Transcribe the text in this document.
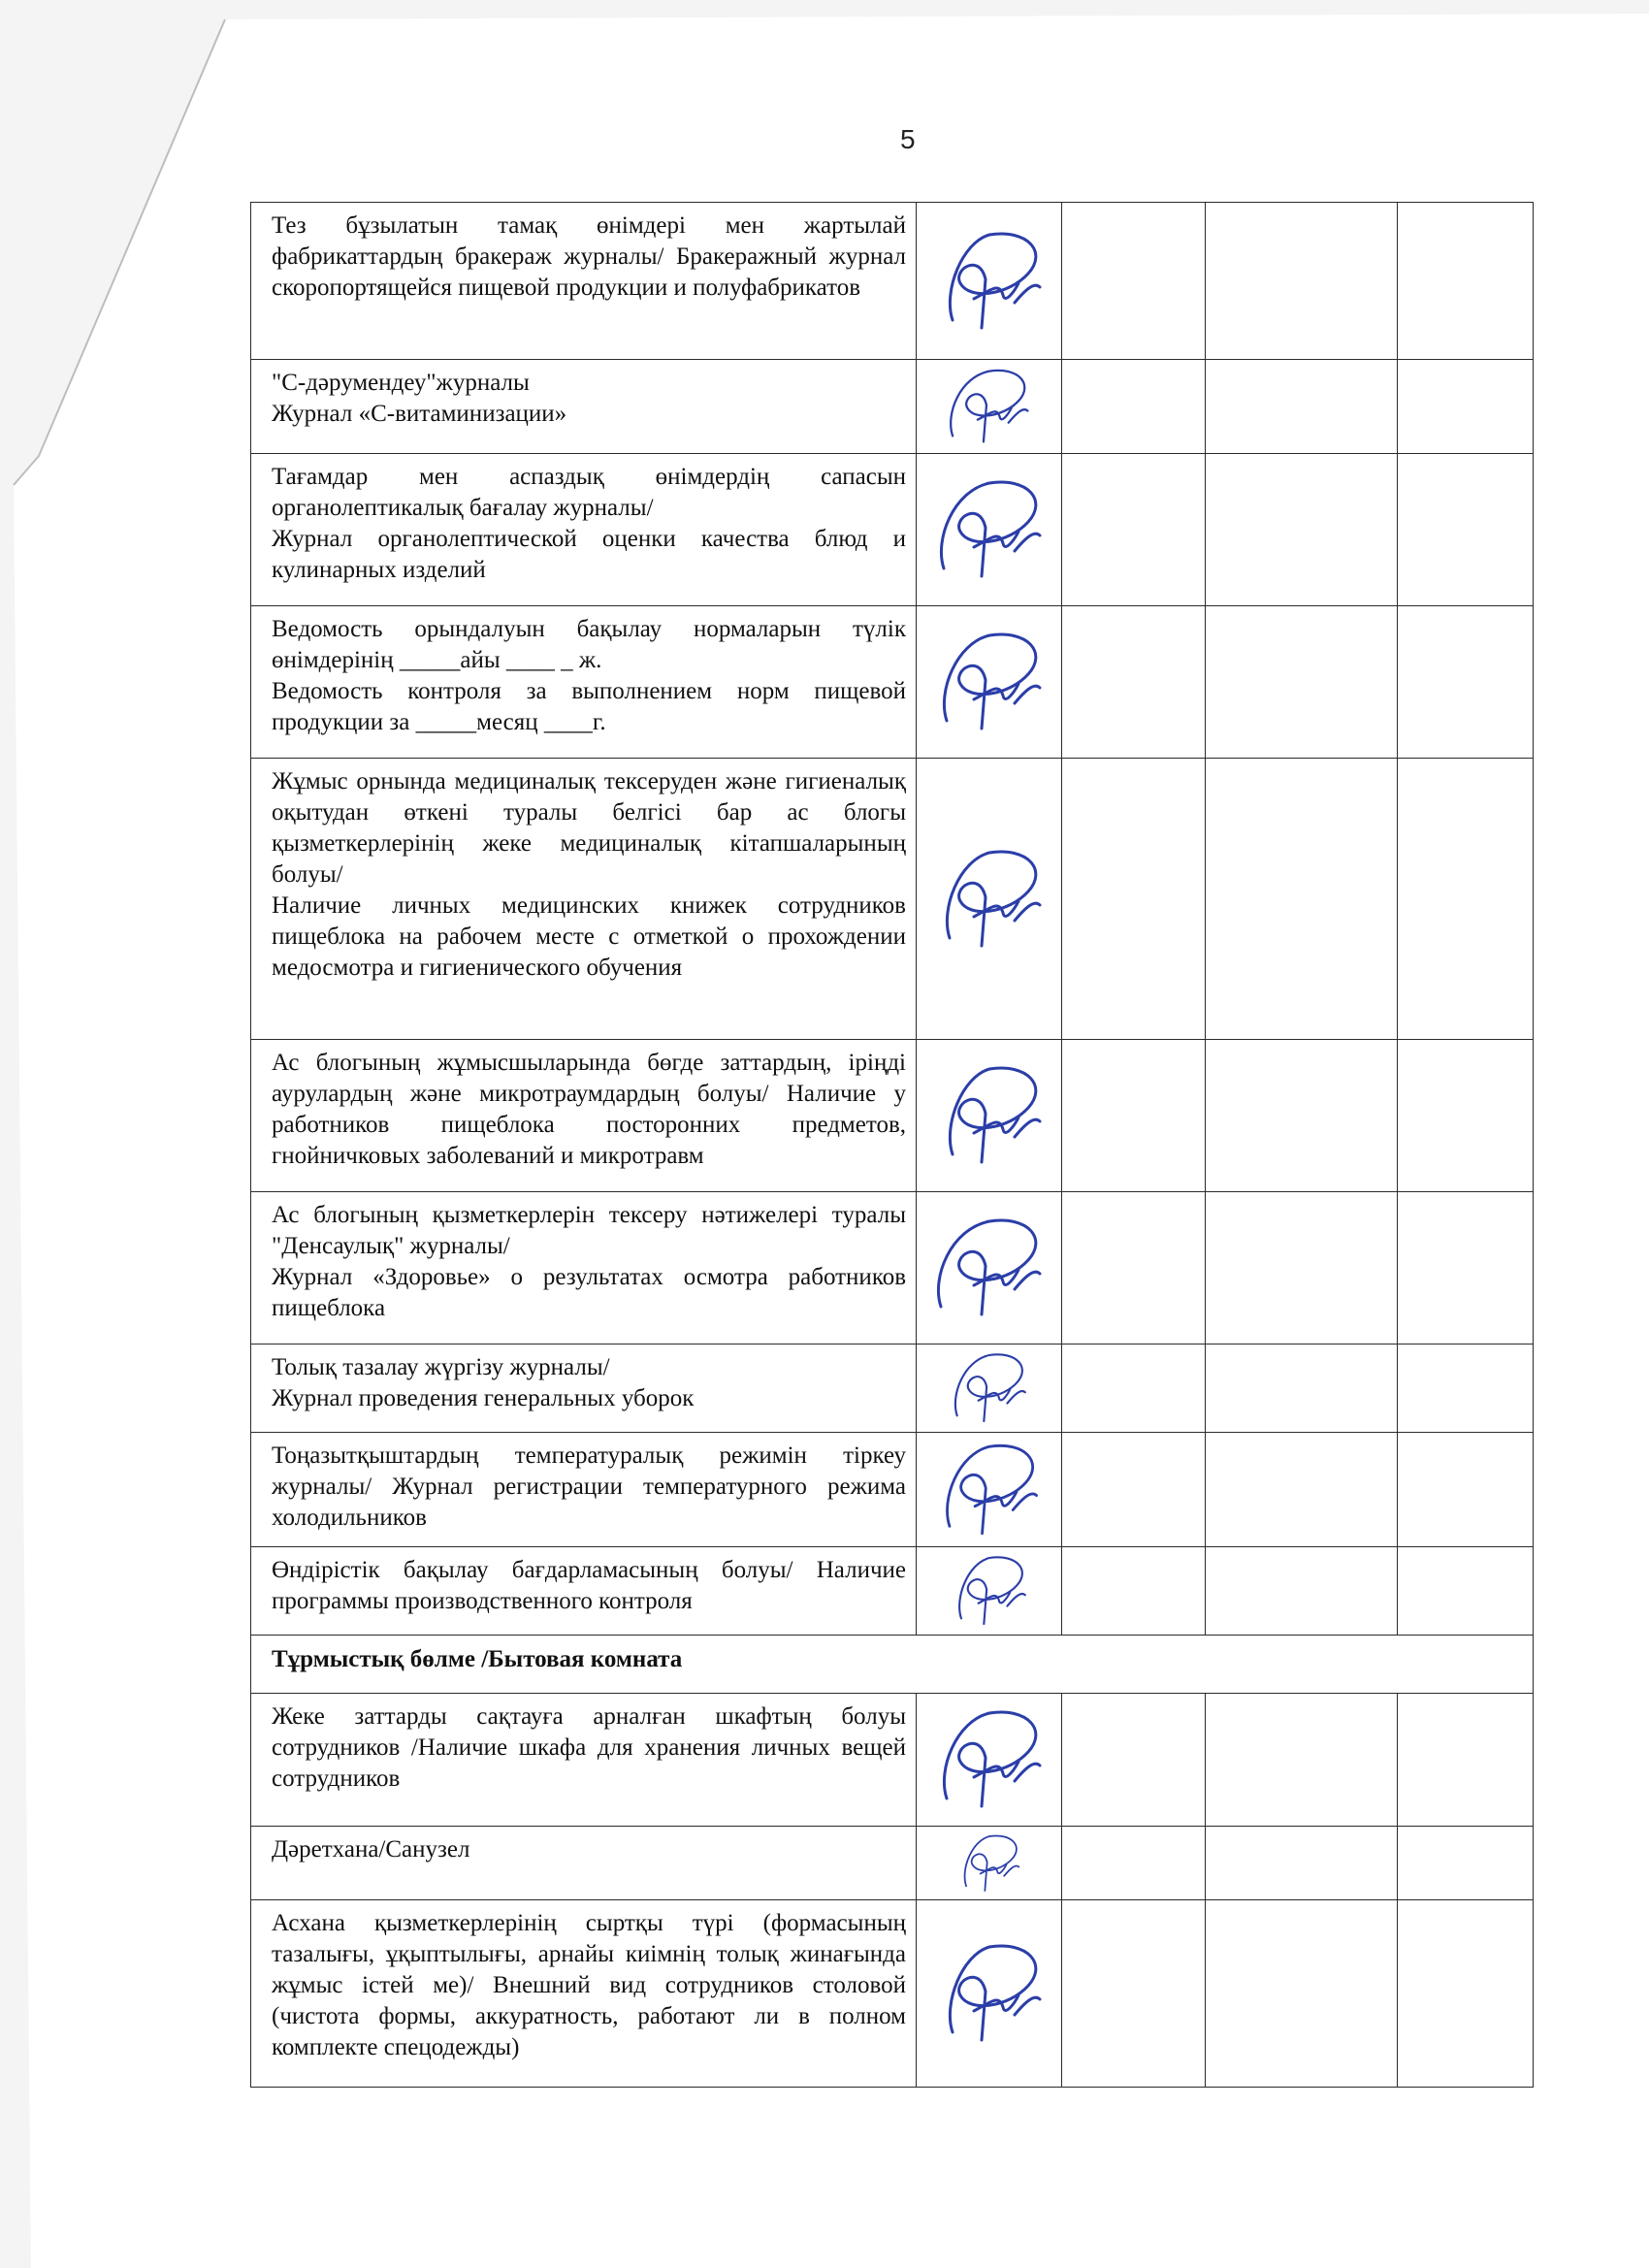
5
Тез бұзылатын тамақ өнімдері мен жартылай фабрикаттардың бракераж журналы/ Бракеражный журнал скоропортящейся пищевой продукции и полуфабрикатов

"С-дәрумендеу"журналы
Журнал «С-витаминизации»

Тағамдар мен аспаздық өнімдердің сапасын органолептикалық бағалау журналы/
Журнал органолептической оценки качества блюд и кулинарных изделий

Ведомость орындалуын бақылау нормаларын түлік өнімдерінің _____айы ____ _ ж.
Ведомость контроля за выполнением норм пищевой продукции за _____месяц ____г.

Жұмыс орнында медициналық тексеруден және гигиеналық оқытудан өткені туралы белгісі бар ас блогы қызметкерлерінің жеке медициналық кітапшаларының болуы/
Наличие личных медицинских книжек сотрудников пищеблока на рабочем месте с отметкой о прохождении медосмотра и гигиенического обучения

Ас блогының жұмысшыларында бөгде заттардың, іріңді аурулардың және микротраумдардың болуы/ Наличие у работников пищеблока посторонних предметов, гнойничковых заболеваний и микротравм

Ас блогының қызметкерлерін тексеру нәтижелері туралы "Денсаулық" журналы/
Журнал «Здоровье» о результатах осмотра работников пищеблока

Толық тазалау жүргізу журналы/
Журнал проведения генеральных уборок

Тоңазытқыштардың температуралық режимін тіркеу журналы/ Журнал регистрации температурного режима холодильников

Өндірістік бақылау бағдарламасының болуы/ Наличие программы производственного контроля

Тұрмыстық бөлме /Бытовая комната				

Жеке заттарды сақтауға арналған шкафтың болуы сотрудников /Наличие шкафа для хранения личных вещей сотрудников

Дәретхана/Санузел

Асхана қызметкерлерінің сыртқы түрі (формасының тазалығы, ұқыптылығы, арнайы киімнің толық жинағында жұмыс істей ме)/ Внешний вид сотрудников столовой (чистота формы, аккуратность, работают ли в полном комплекте спецодежды)
